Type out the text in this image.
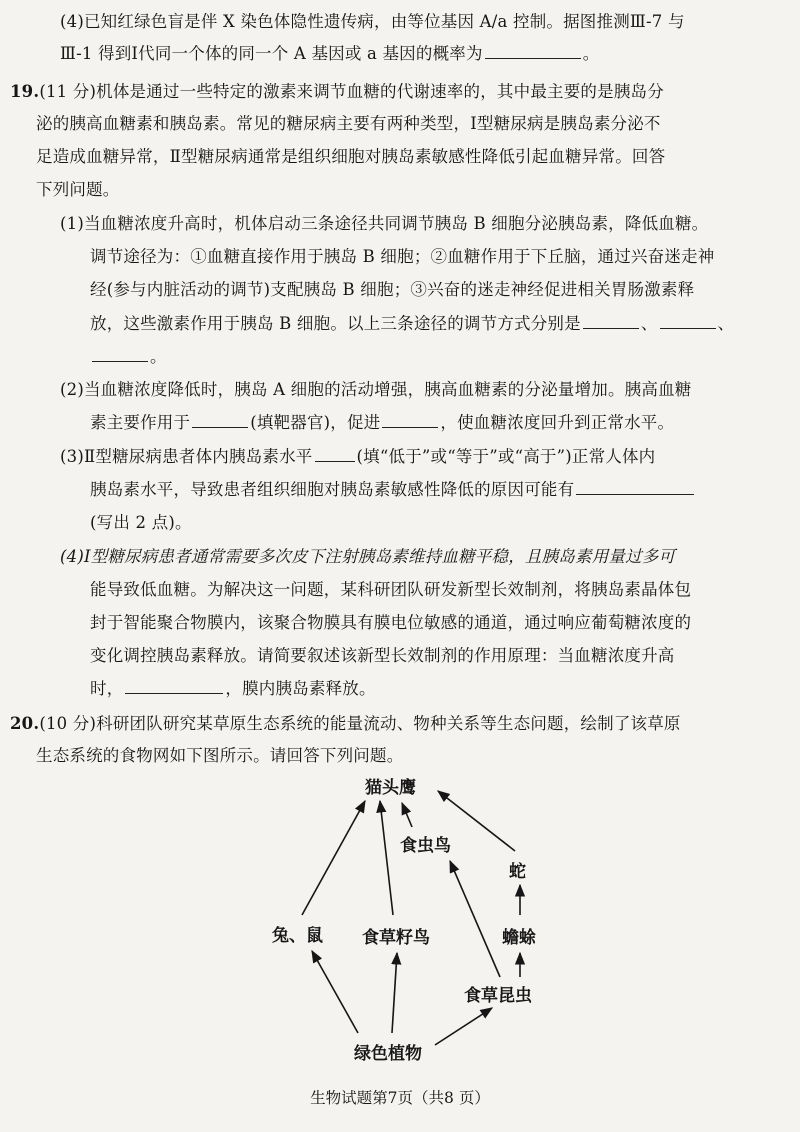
(4)已知红绿色盲是伴 X 染色体隐性遗传病，由等位基因 A/a 控制。据图推测Ⅲ-7 与
Ⅲ-1 得到Ⅰ代同一个体的同一个 A 基因或 a 基因的概率为	。
19.(11 分)机体是通过一些特定的激素来调节血糖的代谢速率的，其中最主要的是胰岛分
泌的胰高血糖素和胰岛素。常见的糖尿病主要有两种类型，Ⅰ型糖尿病是胰岛素分泌不
足造成血糖异常，Ⅱ型糖尿病通常是组织细胞对胰岛素敏感性降低引起血糖异常。回答
下列问题。
(1)当血糖浓度升高时，机体启动三条途径共同调节胰岛 B 细胞分泌胰岛素，降低血糖。
调节途径为：①血糖直接作用于胰岛 B 细胞；②血糖作用于下丘脑，通过兴奋迷走神
经(参与内脏活动的调节)支配胰岛 B 细胞；③兴奋的迷走神经促进相关胃肠激素释
放，这些激素作用于胰岛 B 细胞。以上三条途径的调节方式分别是	、	、
。
(2)当血糖浓度降低时，胰岛 A 细胞的活动增强，胰高血糖素的分泌量增加。胰高血糖
素主要作用于	(填靶器官)，促进	，使血糖浓度回升到正常水平。
(3)Ⅱ型糖尿病患者体内胰岛素水平	(填“低于”或“等于”或“高于”)正常人体内
胰岛素水平，导致患者组织细胞对胰岛素敏感性降低的原因可能有
(写出 2 点)。
(4)Ⅰ型糖尿病患者通常需要多次皮下注射胰岛素维持血糖平稳，且胰岛素用量过多可
能导致低血糖。为解决这一问题，某科研团队研发新型长效制剂，将胰岛素晶体包
封于智能聚合物膜内，该聚合物膜具有膜电位敏感的通道，通过响应葡萄糖浓度的
变化调控胰岛素释放。请简要叙述该新型长效制剂的作用原理：当血糖浓度升高
时，	，膜内胰岛素释放。
20.(10 分)科研团队研究某草原生态系统的能量流动、物种关系等生态问题，绘制了该草原
生态系统的食物网如下图所示。请回答下列问题。
猫头鹰
食虫鸟
蛇
兔、鼠 食草籽鸟	蟾蜍
食草昆虫
绿色植物
生物试题第7页（共8 页）
